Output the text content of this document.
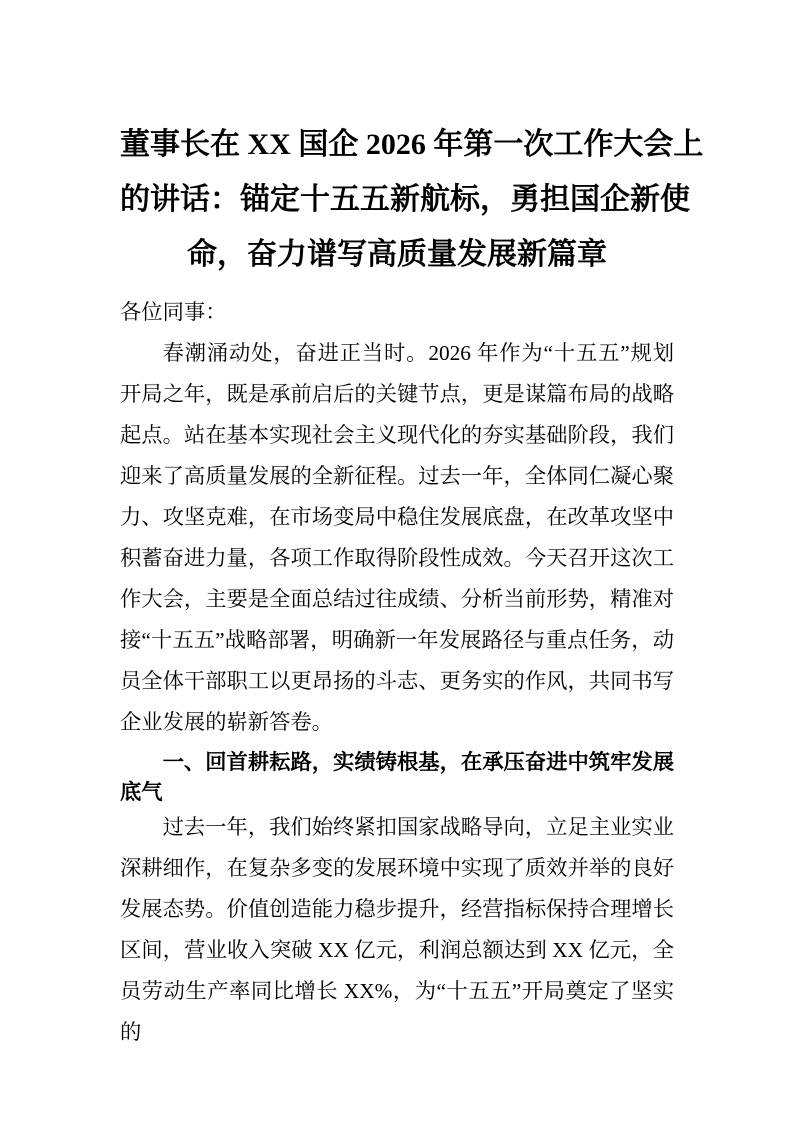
董事长在 XX 国企 2026 年第一次工作大会上
的讲话：锚定十五五新航标，勇担国企新使
命，奋力谱写高质量发展新篇章

各位同事：

春潮涌动处，奋进正当时。2026 年作为“十五五”规划开局之年，既是承前启后的关键节点，更是谋篇布局的战略起点。站在基本实现社会主义现代化的夯实基础阶段，我们迎来了高质量发展的全新征程。过去一年，全体同仁凝心聚力、攻坚克难，在市场变局中稳住发展底盘，在改革攻坚中积蓄奋进力量，各项工作取得阶段性成效。今天召开这次工作大会，主要是全面总结过往成绩、分析当前形势，精准对接“十五五”战略部署，明确新一年发展路径与重点任务，动员全体干部职工以更昂扬的斗志、更务实的作风，共同书写企业发展的崭新答卷。

一、回首耕耘路，实绩铸根基，在承压奋进中筑牢发展底气

过去一年，我们始终紧扣国家战略导向，立足主业实业深耕细作，在复杂多变的发展环境中实现了质效并举的良好发展态势。价值创造能力稳步提升，经营指标保持合理增长区间，营业收入突破 XX 亿元，利润总额达到 XX 亿元，全员劳动生产率同比增长 XX%，为“十五五”开局奠定了坚实的
